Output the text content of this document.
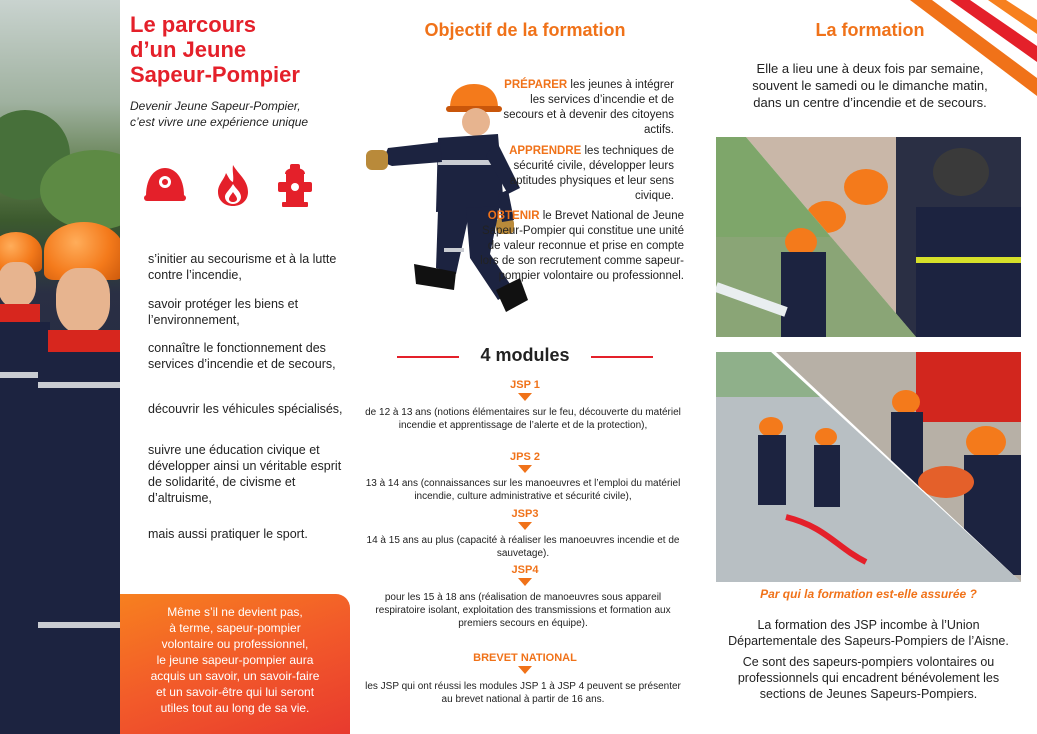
Le parcours
d’un Jeune
Sapeur-Pompier
Devenir Jeune Sapeur-Pompier,
c’est vivre une expérience unique
s’initier au secourisme et à la lutte contre l’incendie,
savoir protéger les biens et l’environnement,
connaître le fonctionnement des services d’incendie et de secours,
découvrir les véhicules spécialisés,
suivre une éducation civique et développer ainsi un véritable esprit de solidarité, de civisme et d’altruisme,
mais aussi pratiquer le sport.
Même s’il ne devient pas,
à terme, sapeur-pompier
volontaire ou professionnel,
le jeune sapeur-pompier aura
acquis un savoir, un savoir-faire
et un savoir-être qui lui seront
utiles tout au long de sa vie.
Objectif de la formation
PRÉPARER les jeunes à intégrer les services d’incendie et de secours et à devenir des citoyens actifs.
APPRENDRE les techniques de sécurité civile, développer leurs aptitudes physiques et leur sens civique.
OBTENIR le Brevet National de Jeune Sapeur-Pompier qui constitue une unité de valeur reconnue et prise en compte lors de son recrutement comme sapeur-pompier volontaire ou professionnel.
4 modules
JSP 1
de 12 à 13 ans (notions élémentaires sur le feu, découverte du matériel incendie et apprentissage de l’alerte et de la protection),
JPS 2
13 à 14 ans (connaissances sur les manoeuvres et l’emploi du matériel incendie, culture administrative et sécurité civile),
JSP3
14 à 15 ans au plus (capacité à réaliser les manoeuvres incendie et de sauvetage).
JSP4
pour les 15 à 18 ans (réalisation de manoeuvres sous appareil respiratoire isolant, exploitation des transmissions et formation aux premiers secours en équipe).
BREVET NATIONAL
les JSP qui ont réussi les modules JSP 1 à JSP 4 peuvent se présenter au brevet national à partir de 16 ans.
La formation
Elle a lieu une à deux fois par semaine,
souvent le samedi ou le dimanche matin,
dans un centre d’incendie et de secours.
Par qui la formation est-elle assurée ?
La formation des JSP incombe à l’Union
Départementale des Sapeurs-Pompiers de l’Aisne.
Ce sont des sapeurs-pompiers volontaires ou
professionnels qui encadrent bénévolement les
sections de Jeunes Sapeurs-Pompiers.
